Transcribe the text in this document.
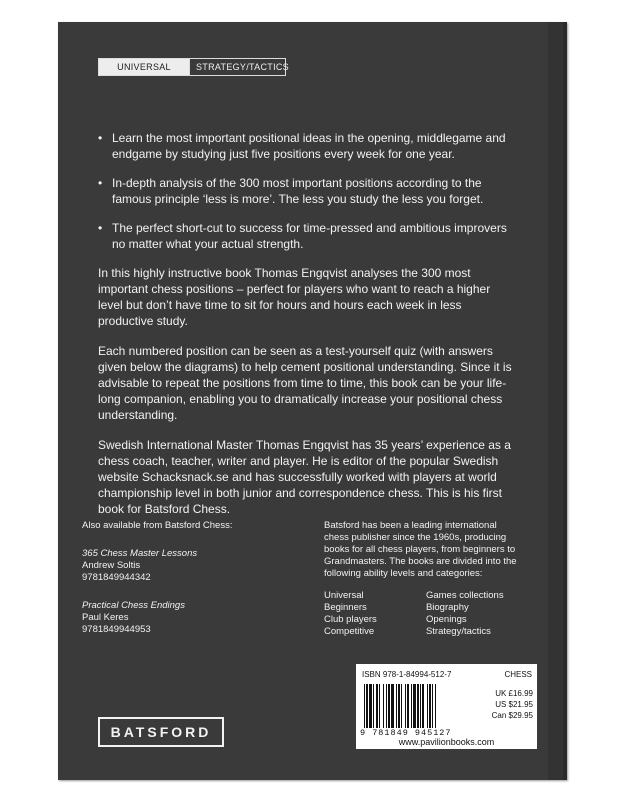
UNIVERSAL	STRATEGY/TACTICS
• Learn the most important positional ideas in the opening, middlegame and endgame by studying just five positions every week for one year.
• In-depth analysis of the 300 most important positions according to the famous principle ‘less is more’. The less you study the less you forget.
• The perfect short-cut to success for time-pressed and ambitious improvers no matter what your actual strength.

In this highly instructive book Thomas Engqvist analyses the 300 most important chess positions – perfect for players who want to reach a higher level but don’t have time to sit for hours and hours each week in less productive study.

Each numbered position can be seen as a test-yourself quiz (with answers given below the diagrams) to help cement positional understanding. Since it is advisable to repeat the positions from time to time, this book can be your life-long companion, enabling you to dramatically increase your positional chess understanding.

Swedish International Master Thomas Engqvist has 35 years’ experience as a chess coach, teacher, writer and player. He is editor of the popular Swedish website Schacksnack.se and has successfully worked with players at world championship level in both junior and correspondence chess. This is his first book for Batsford Chess.

Also available from Batsford Chess:
365 Chess Master Lessons
Andrew Soltis
9781849944342
Practical Chess Endings
Paul Keres
9781849944953
Batsford has been a leading international chess publisher since the 1960s, producing books for all chess players, from beginners to Grandmasters. The books are divided into the following ability levels and categories:
Universal
Beginners
Club players
Competitive
Games collections
Biography
Openings
Strategy/tactics
ISBN 978-1-84994-512-7	CHESS
9 781849 945127
UK £16.99
US $21.95
Can $29.95
www.pavilionbooks.com
BATSFORD
